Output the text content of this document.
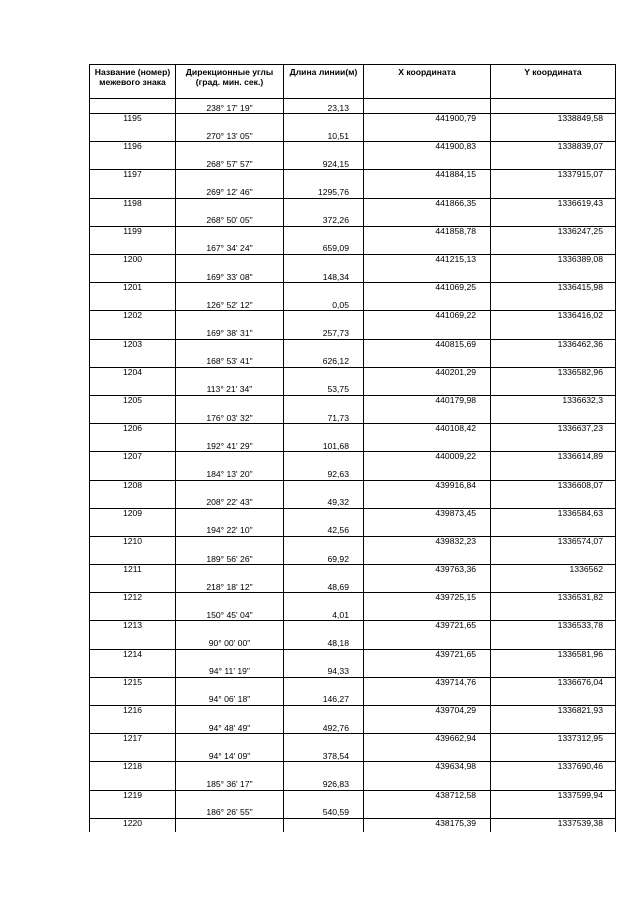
Название (номер) межевого знака	Дирекционные углы (град. мин. сек.)	Длина линии(м)	X координата	Y координата
	238° 17' 19"	23,13		
1195			441900,79	1338849,58
	270° 13' 05"	10,51		
1196			441900,83	1338839,07
	268° 57' 57"	924,15		
1197			441884,15	1337915,07
	269° 12' 46"	1295,76		
1198			441866,35	1336619,43
	268° 50' 05"	372,26		
1199			441858,78	1336247,25
	167° 34' 24"	659,09		
1200			441215,13	1336389,08
	169° 33' 08"	148,34		
1201			441069,25	1336415,98
	126° 52' 12"	0,05		
1202			441069,22	1336416,02
	169° 38' 31"	257,73		
1203			440815,69	1336462,36
	168° 53' 41"	626,12		
1204			440201,29	1336582,96
	113° 21' 34"	53,75		
1205			440179,98	1336632,3
	176° 03' 32"	71,73		
1206			440108,42	1336637,23
	192° 41' 29"	101,68		
1207			440009,22	1336614,89
	184° 13' 20"	92,63		
1208			439916,84	1336608,07
	208° 22' 43"	49,32		
1209			439873,45	1336584,63
	194° 22' 10"	42,56		
1210			439832,23	1336574,07
	189° 56' 26"	69,92		
1211			439763,36	1336562
	218° 18' 12"	48,69		
1212			439725,15	1336531,82
	150° 45' 04"	4,01		
1213			439721,65	1336533,78
	90° 00' 00"	48,18		
1214			439721,65	1336581,96
	94° 11' 19"	94,33		
1215			439714,76	1336676,04
	94° 06' 18"	146,27		
1216			439704,29	1336821,93
	94° 48' 49"	492,76		
1217			439662,94	1337312,95
	94° 14' 09"	378,54		
1218			439634,98	1337690,46
	185° 36' 17"	926,83		
1219			438712,58	1337599,94
	186° 26' 55"	540,59		
1220			438175,39	1337539,38
